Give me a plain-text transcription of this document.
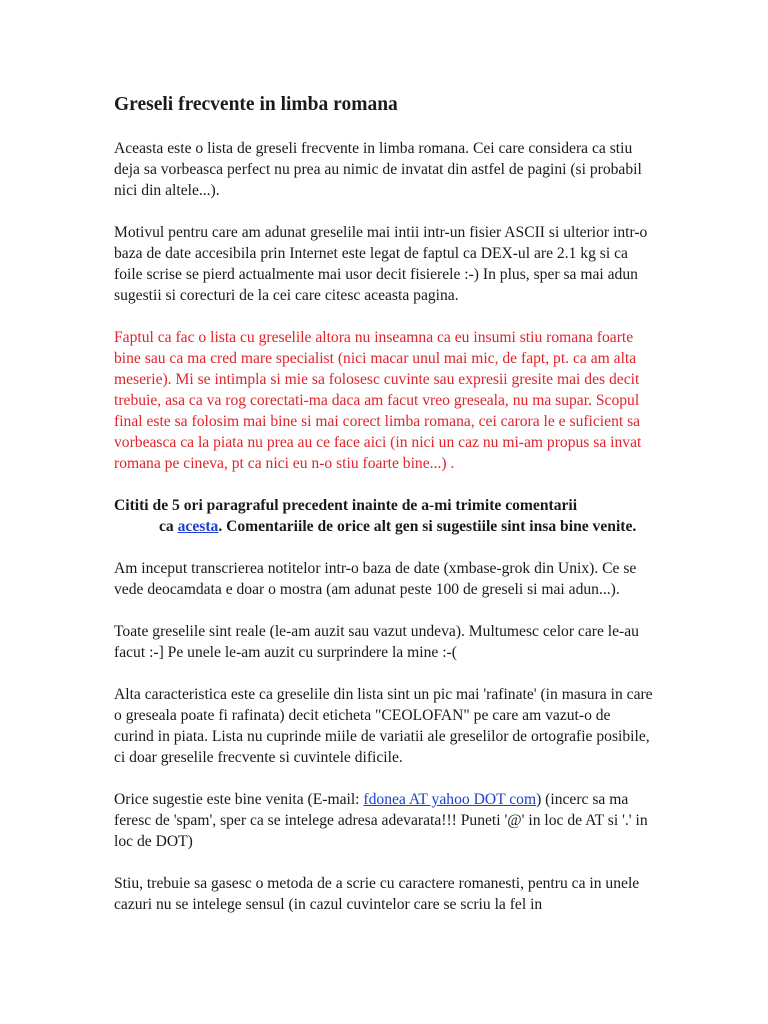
Greseli frecvente in limba romana

Aceasta este o lista de greseli frecvente in limba romana. Cei care considera ca stiu deja sa vorbeasca perfect nu prea au nimic de invatat din astfel de pagini (si probabil nici din altele...).

Motivul pentru care am adunat greselile mai intii intr-un fisier ASCII si ulterior intr-o baza de date accesibila prin Internet este legat de faptul ca DEX-ul are 2.1 kg si ca foile scrise se pierd actualmente mai usor decit fisierele :-) In plus, sper sa mai adun sugestii si corecturi de la cei care citesc aceasta pagina.

Faptul ca fac o lista cu greselile altora nu inseamna ca eu insumi stiu romana foarte bine sau ca ma cred mare specialist (nici macar unul mai mic, de fapt, pt. ca am alta meserie). Mi se intimpla si mie sa folosesc cuvinte sau expresii gresite mai des decit trebuie, asa ca va rog corectati-ma daca am facut vreo greseala, nu ma supar. Scopul final este sa folosim mai bine si mai corect limba romana, cei carora le e suficient sa vorbeasca ca la piata nu prea au ce face aici (in nici un caz nu mi-am propus sa invat romana pe cineva, pt ca nici eu n-o stiu foarte bine...) .

Cititi de 5 ori paragraful precedent inainte de a-mi trimite comentarii
ca acesta. Comentariile de orice alt gen si sugestiile sint insa bine venite.

Am inceput transcrierea notitelor intr-o baza de date (xmbase-grok din Unix). Ce se vede deocamdata e doar o mostra (am adunat peste 100 de greseli si mai adun...).

Toate greselile sint reale (le-am auzit sau vazut undeva). Multumesc celor care le-au facut :-] Pe unele le-am auzit cu surprindere la mine :-(

Alta caracteristica este ca greselile din lista sint un pic mai 'rafinate' (in masura in care o greseala poate fi rafinata) decit eticheta "CEOLOFAN" pe care am vazut-o de curind in piata. Lista nu cuprinde miile de variatii ale greselilor de ortografie posibile, ci doar greselile frecvente si cuvintele dificile.

Orice sugestie este bine venita (E-mail: fdonea AT yahoo DOT com) (incerc sa ma feresc de 'spam', sper ca se intelege adresa adevarata!!! Puneti '@' in loc de AT si '.' in loc de DOT)

Stiu, trebuie sa gasesc o metoda de a scrie cu caractere romanesti, pentru ca in unele cazuri nu se intelege sensul (in cazul cuvintelor care se scriu la fel in
